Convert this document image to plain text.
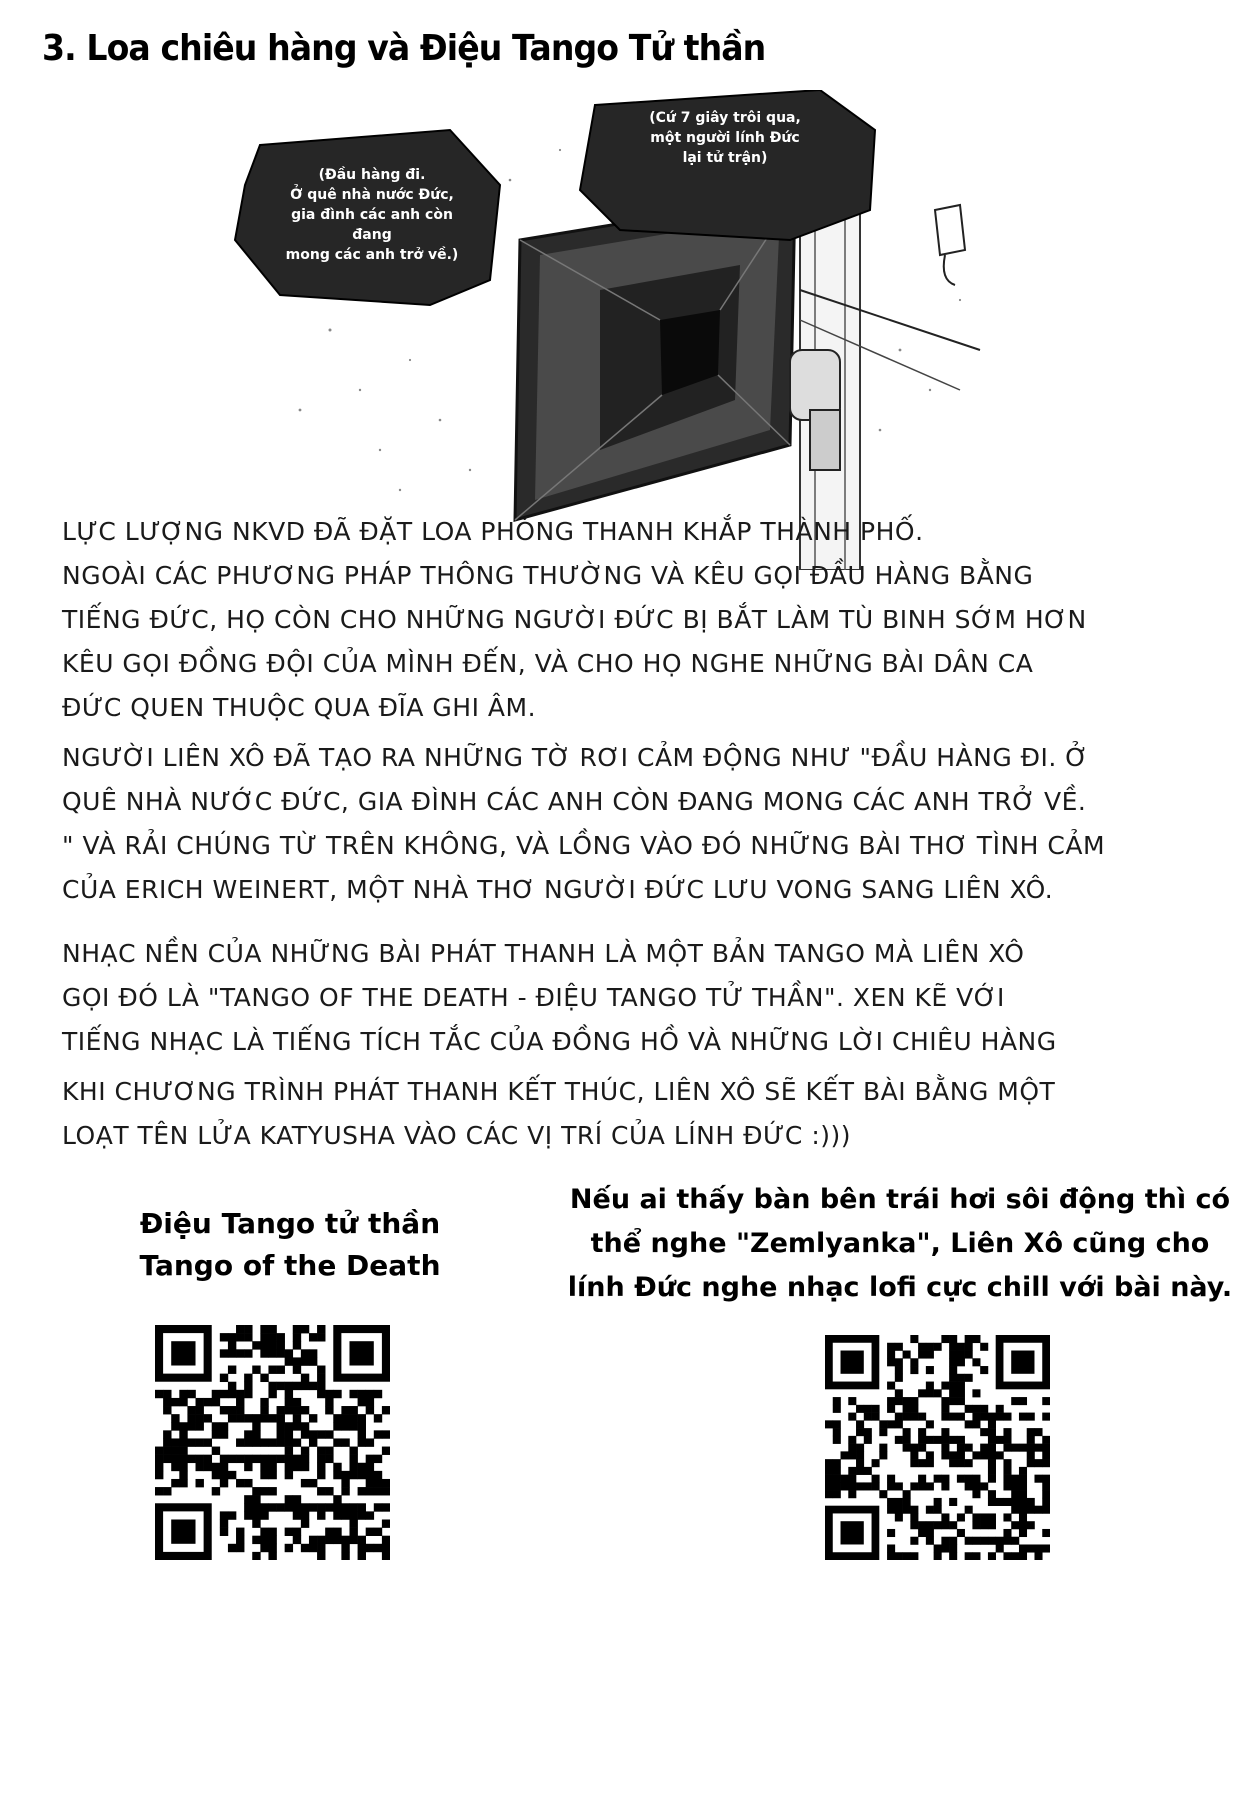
3. Loa chiêu hàng và Điệu Tango Tử thần
(Đầu hàng đi.
Ở quê nhà nước Đức,
gia đình các anh còn đang
mong các anh trở về.)
(Cứ 7 giây trôi qua,
một người lính Đức
lại tử trận)
LỰC LƯỢNG NKVD ĐÃ ĐẶT LOA PHÓNG THANH KHẮP THÀNH PHỐ.
NGOÀI CÁC PHƯƠNG PHÁP THÔNG THƯỜNG VÀ KÊU GỌI ĐẦU HÀNG BẰNG
TIẾNG ĐỨC, HỌ CÒN CHO NHỮNG NGƯỜI ĐỨC BỊ BẮT LÀM TÙ BINH SỚM HƠN
KÊU GỌI ĐỒNG ĐỘI CỦA MÌNH ĐẾN, VÀ CHO HỌ NGHE NHỮNG BÀI DÂN CA
ĐỨC QUEN THUỘC QUA ĐĨA GHI ÂM.
NGƯỜI LIÊN XÔ ĐÃ TẠO RA NHỮNG TỜ RƠI CẢM ĐỘNG NHƯ "ĐẦU HÀNG ĐI. Ở
QUÊ NHÀ NƯỚC ĐỨC, GIA ĐÌNH CÁC ANH CÒN ĐANG MONG CÁC ANH TRỞ VỀ.
" VÀ RẢI CHÚNG TỪ TRÊN KHÔNG, VÀ LỒNG VÀO ĐÓ NHỮNG BÀI THƠ TÌNH CẢM
CỦA ERICH WEINERT, MỘT NHÀ THƠ NGƯỜI ĐỨC LƯU VONG SANG LIÊN XÔ.
NHẠC NỀN CỦA NHỮNG BÀI PHÁT THANH LÀ MỘT BẢN TANGO MÀ LIÊN XÔ
GỌI ĐÓ LÀ "TANGO OF THE DEATH - ĐIỆU TANGO TỬ THẦN". XEN KẼ VỚI
TIẾNG NHẠC LÀ TIẾNG TÍCH TẮC CỦA ĐỒNG HỒ VÀ NHỮNG LỜI CHIÊU HÀNG
KHI CHƯƠNG TRÌNH PHÁT THANH KẾT THÚC, LIÊN XÔ SẼ KẾT BÀI BẰNG MỘT
LOẠT TÊN LỬA KATYUSHA VÀO CÁC VỊ TRÍ CỦA LÍNH ĐỨC :)))
Điệu Tango tử thần
Tango of the Death
Nếu ai thấy bàn bên trái hơi sôi động thì có
thể nghe "Zemlyanka", Liên Xô cũng cho
lính Đức nghe nhạc lofi cực chill với bài này.
